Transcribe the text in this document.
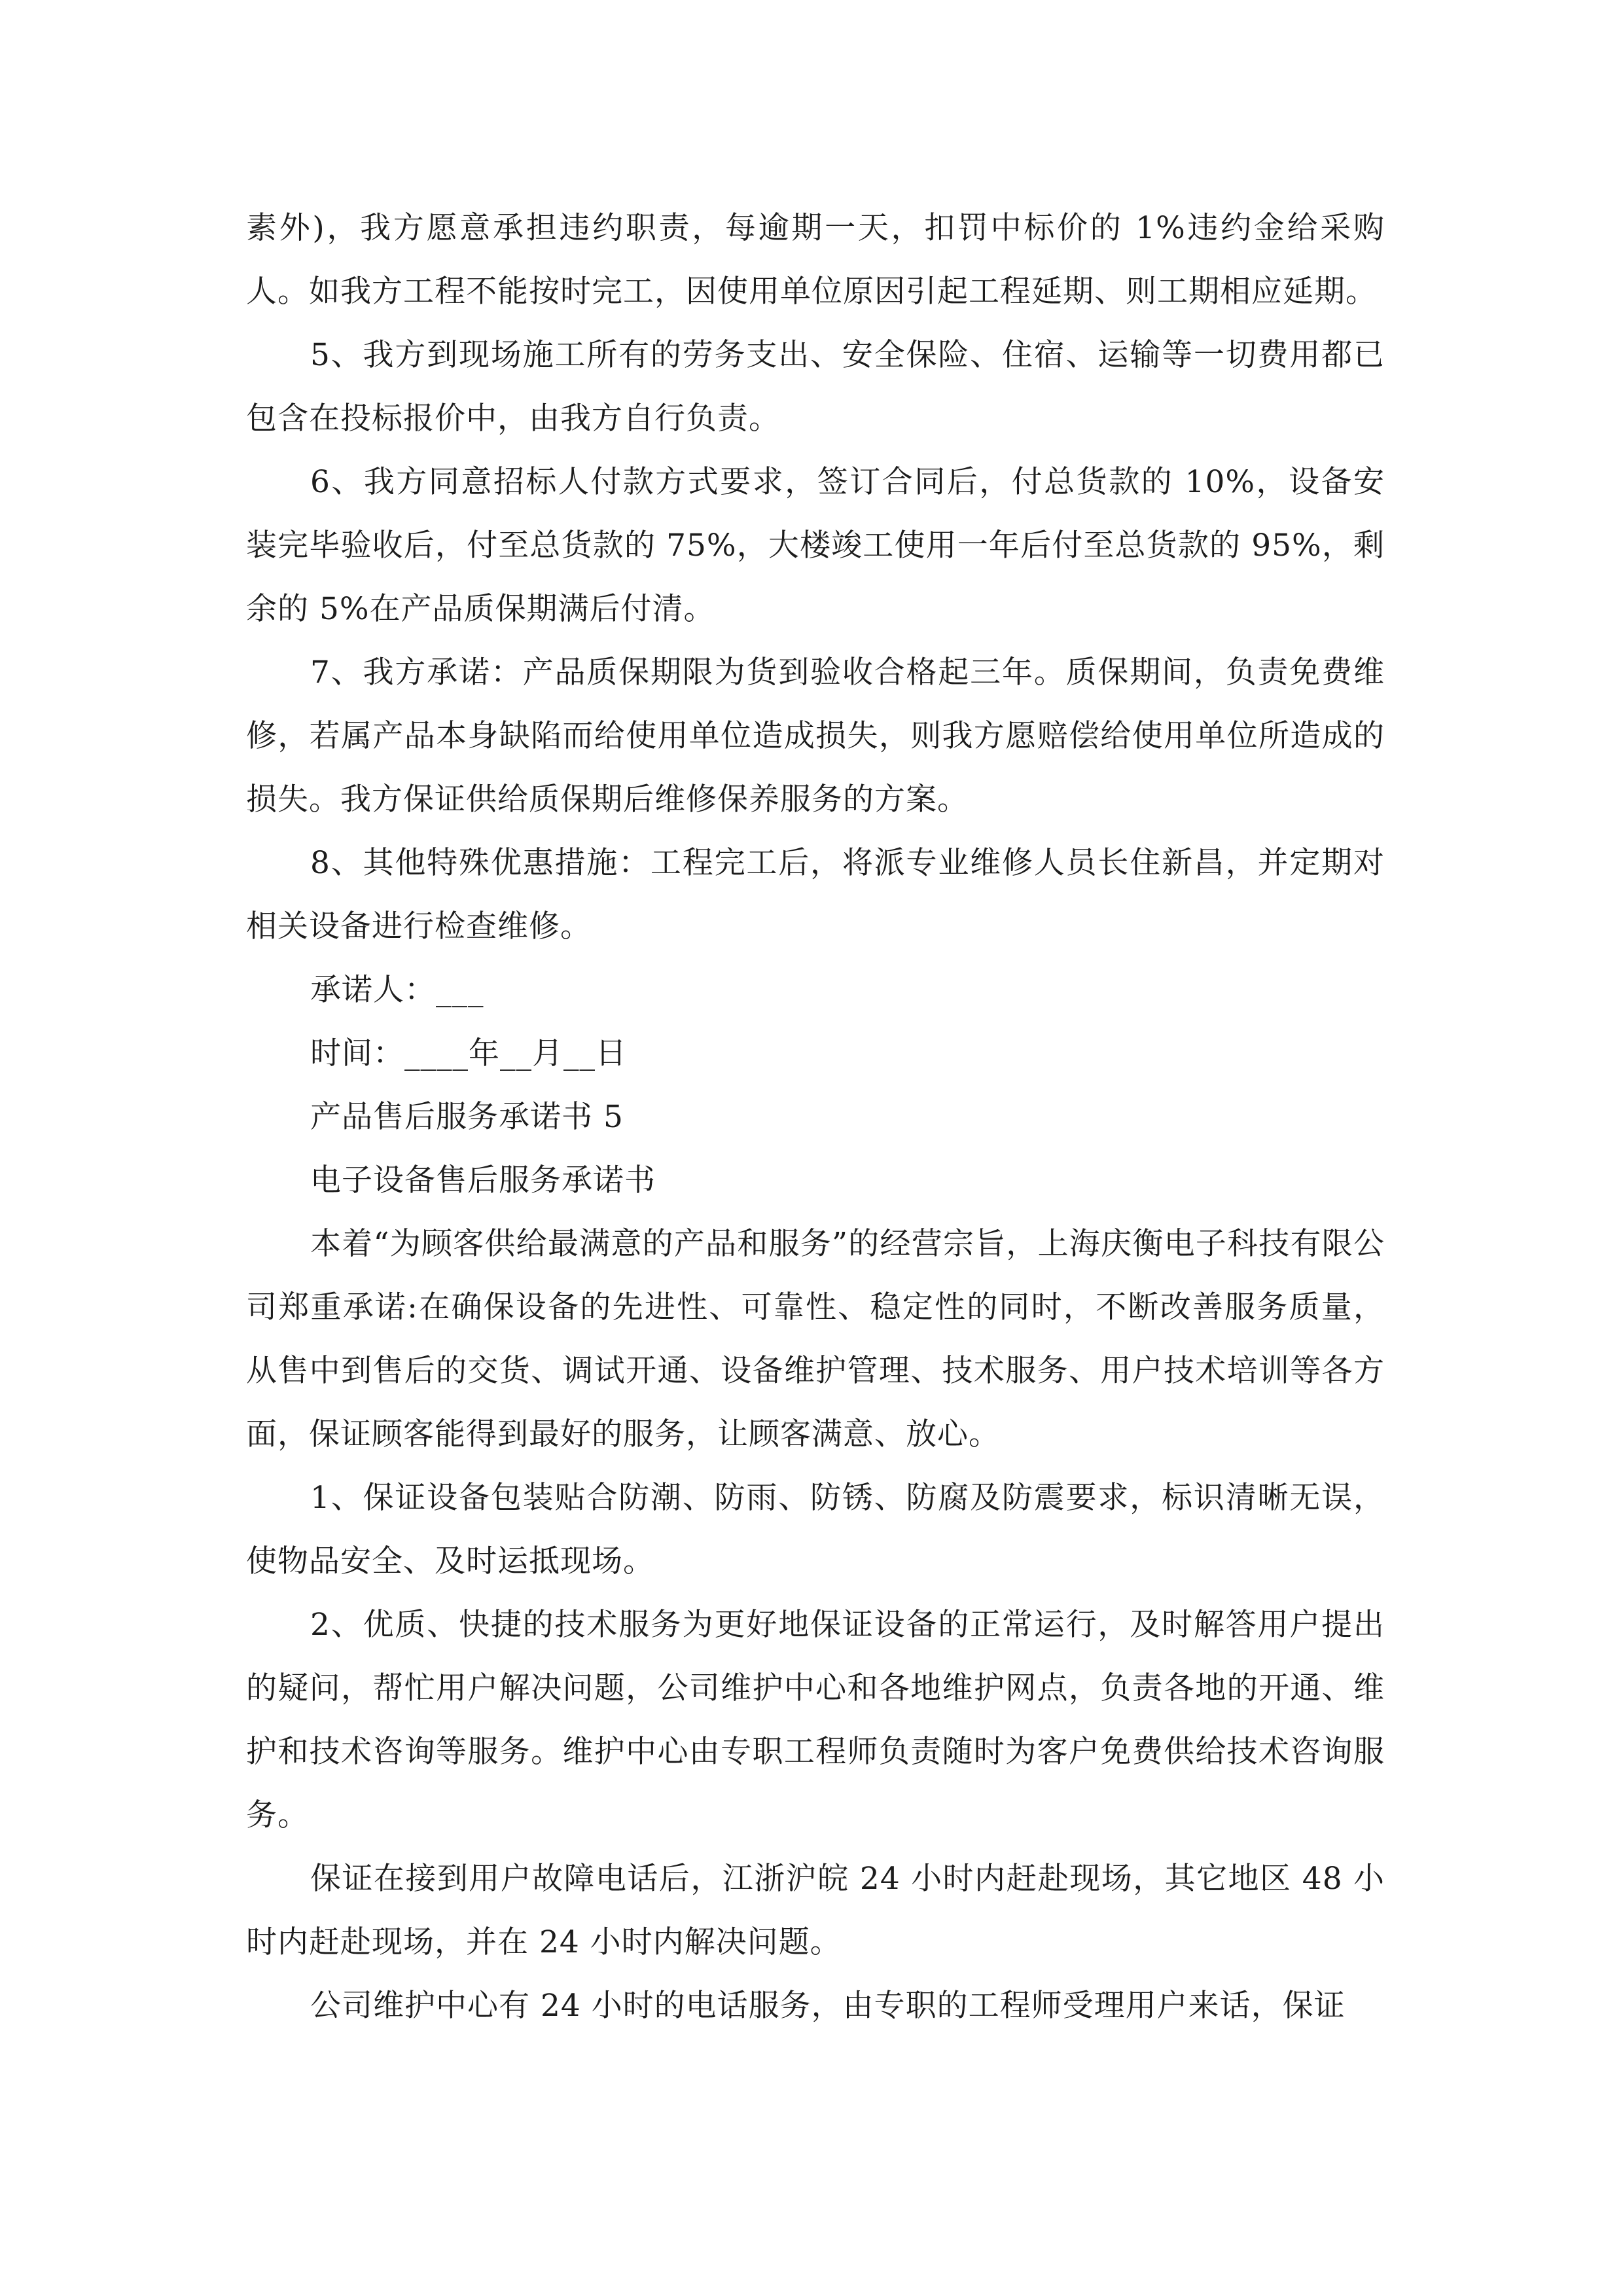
素外)，我方愿意承担违约职责，每逾期一天，扣罚中标价的 1%违约金给采购人。如我方工程不能按时完工，因使用单位原因引起工程延期、则工期相应延期。

5、我方到现场施工所有的劳务支出、安全保险、住宿、运输等一切费用都已包含在投标报价中，由我方自行负责。

6、我方同意招标人付款方式要求，签订合同后，付总货款的 10%，设备安装完毕验收后，付至总货款的 75%，大楼竣工使用一年后付至总货款的 95%，剩余的 5%在产品质保期满后付清。

7、我方承诺：产品质保期限为货到验收合格起三年。质保期间，负责免费维修，若属产品本身缺陷而给使用单位造成损失，则我方愿赔偿给使用单位所造成的损失。我方保证供给质保期后维修保养服务的方案。

8、其他特殊优惠措施：工程完工后，将派专业维修人员长住新昌，并定期对相关设备进行检查维修。

承诺人：___

时间：____年__月__日

产品售后服务承诺书 5

电子设备售后服务承诺书

本着“为顾客供给最满意的产品和服务”的经营宗旨，上海庆衡电子科技有限公司郑重承诺:在确保设备的先进性、可靠性、稳定性的同时，不断改善服务质量，从售中到售后的交货、调试开通、设备维护管理、技术服务、用户技术培训等各方面，保证顾客能得到最好的服务，让顾客满意、放心。

1、保证设备包装贴合防潮、防雨、防锈、防腐及防震要求，标识清晰无误，使物品安全、及时运抵现场。

2、优质、快捷的技术服务为更好地保证设备的正常运行，及时解答用户提出的疑问，帮忙用户解决问题，公司维护中心和各地维护网点，负责各地的开通、维护和技术咨询等服务。维护中心由专职工程师负责随时为客户免费供给技术咨询服务。

保证在接到用户故障电话后，江浙沪皖 24 小时内赶赴现场，其它地区 48 小时内赶赴现场，并在 24 小时内解决问题。

公司维护中心有 24 小时的电话服务，由专职的工程师受理用户来话，保证
